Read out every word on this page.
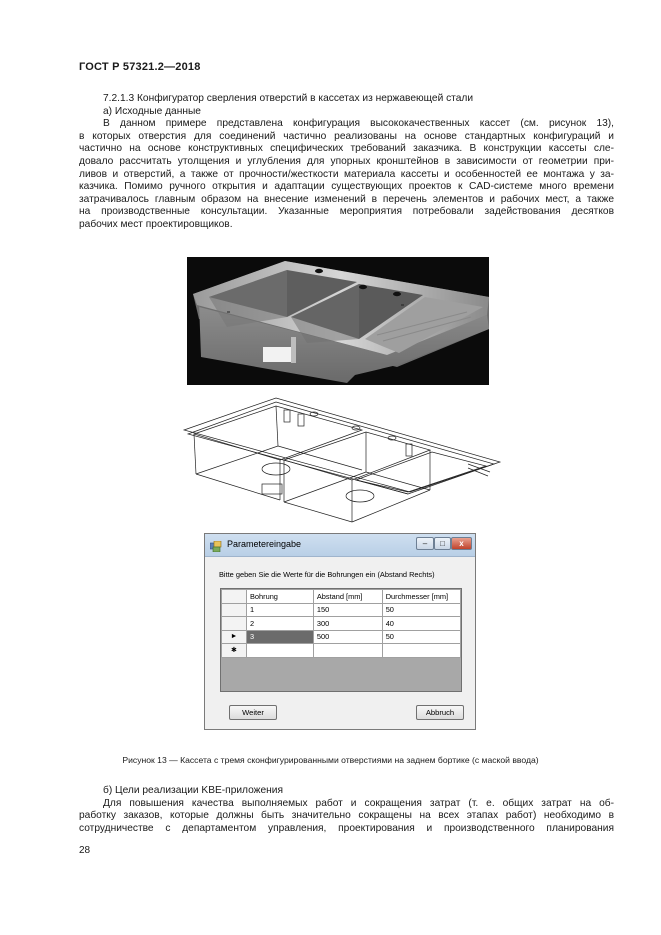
ГОСТ Р 57321.2—2018
7.2.1.3 Конфигуратор сверления отверстий в кассетах из нержавеющей стали
а) Исходные данные
В данном примере представлена конфигурация высококачественных кассет (см. рисунок 13),
в которых отверстия для соединений частично реализованы на основе стандартных конфигураций и
частично на основе конструктивных специфических требований заказчика. В конструкции кассеты сле-
довало рассчитать утолщения и углубления для упорных кронштейнов в зависимости от геометрии при-
ливов и отверстий, а также от прочности/жесткости материала кассеты и особенностей ее монтажа у за-
казчика. Помимо ручного открытия и адаптации существующих проектов к CAD-системе много времени
затрачивалось главным образом на внесение изменений в перечень элементов и рабочих мест, а также
на производственные консультации. Указанные мероприятия потребовали задействования десятков
рабочих мест проектировщиков.
Parametereingabe	–	□	x
Bitte geben Sie die Werte für die Bohrungen ein (Abstand Rechts)
	Bohrung	Abstand [mm]	Durchmesser [mm]
	1	150	50
	2	300	40
►	3	500	50
✱			
Weiter	Abbruch
Рисунок 13 — Кассета с тремя сконфигурированными отверстиями на заднем бортике (с маской ввода)
б) Цели реализации KBE-приложения
Для повышения качества выполняемых работ и сокращения затрат (т. е. общих затрат на об-
работку заказов, которые должны быть значительно сокращены на всех этапах работ) необходимо в
сотрудничестве с департаментом управления, проектирования и производственного планирования
28
